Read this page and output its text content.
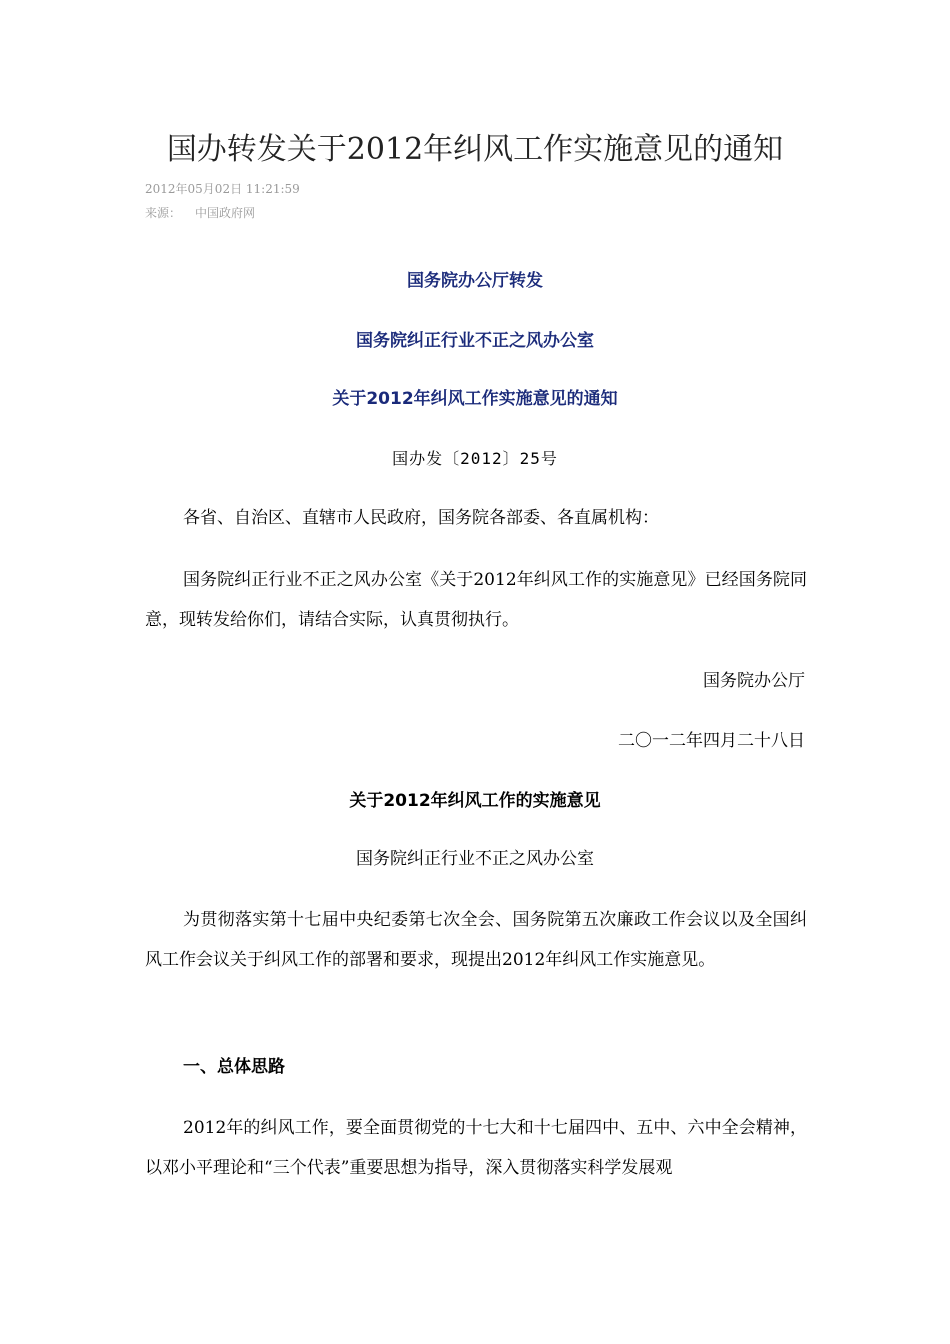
国办转发关于2012年纠风工作实施意见的通知
2012年05月02日 11:21:59
来源： 中国政府网
国务院办公厅转发
国务院纠正行业不正之风办公室
关于2012年纠风工作实施意见的通知
国办发〔2012〕25号
各省、自治区、直辖市人民政府，国务院各部委、各直属机构：
国务院纠正行业不正之风办公室《关于2012年纠风工作的实施意见》已经国务院同意，现转发给你们，请结合实际，认真贯彻执行。
国务院办公厅
二〇一二年四月二十八日
关于2012年纠风工作的实施意见
国务院纠正行业不正之风办公室
为贯彻落实第十七届中央纪委第七次全会、国务院第五次廉政工作会议以及全国纠风工作会议关于纠风工作的部署和要求，现提出2012年纠风工作实施意见。
一、总体思路
2012年的纠风工作，要全面贯彻党的十七大和十七届四中、五中、六中全会精神，以邓小平理论和“三个代表”重要思想为指导，深入贯彻落实科学发展观
